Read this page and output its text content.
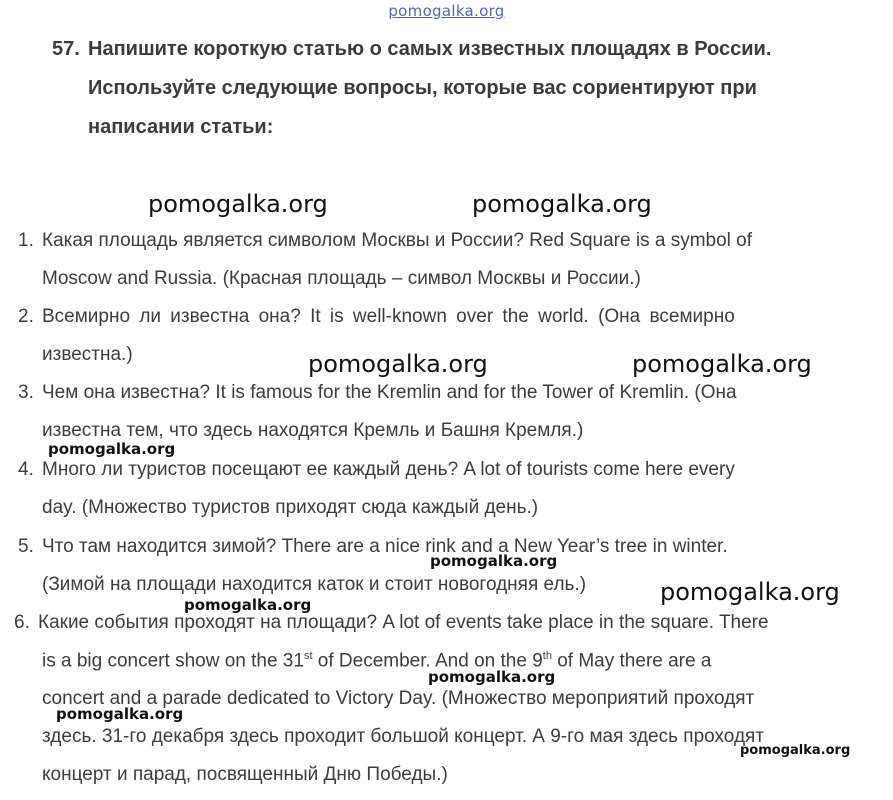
pomogalka.org
57. Напишите короткую статью о самых известных площадях в России.
Используйте следующие вопросы, которые вас сориентируют при
написании статьи:
1. Какая площадь является символом Москвы и России? Red Square is a symbol of
Moscow and Russia. (Красная площадь – символ Москвы и России.)
2. Всемирно ли известна она? It is well-known over the world. (Она всемирно
известна.)
3. Чем она известна? It is famous for the Kremlin and for the Tower of Kremlin. (Она
известна тем, что здесь находятся Кремль и Башня Кремля.)
4. Много ли туристов посещают ее каждый день? A lot of tourists come here every
day. (Множество туристов приходят сюда каждый день.)
5. Что там находится зимой? There are a nice rink and a New Year’s tree in winter.
(Зимой на площади находится каток и стоит новогодняя ель.)
6. Какие события проходят на площади? A lot of events take place in the square. There
is a big concert show on the 31st of December. And on the 9th of May there are a
concert and a parade dedicated to Victory Day. (Множество мероприятий проходят
здесь. 31-го декабря здесь проходит большой концерт. А 9-го мая здесь проходят
концерт и парад, посвященный Дню Победы.)
pomogalka.org	pomogalka.org
pomogalka.org	pomogalka.org
pomogalka.org
pomogalka.org
pomogalka.org
pomogalka.org
pomogalka.org
pomogalka.org
pomogalka.org
